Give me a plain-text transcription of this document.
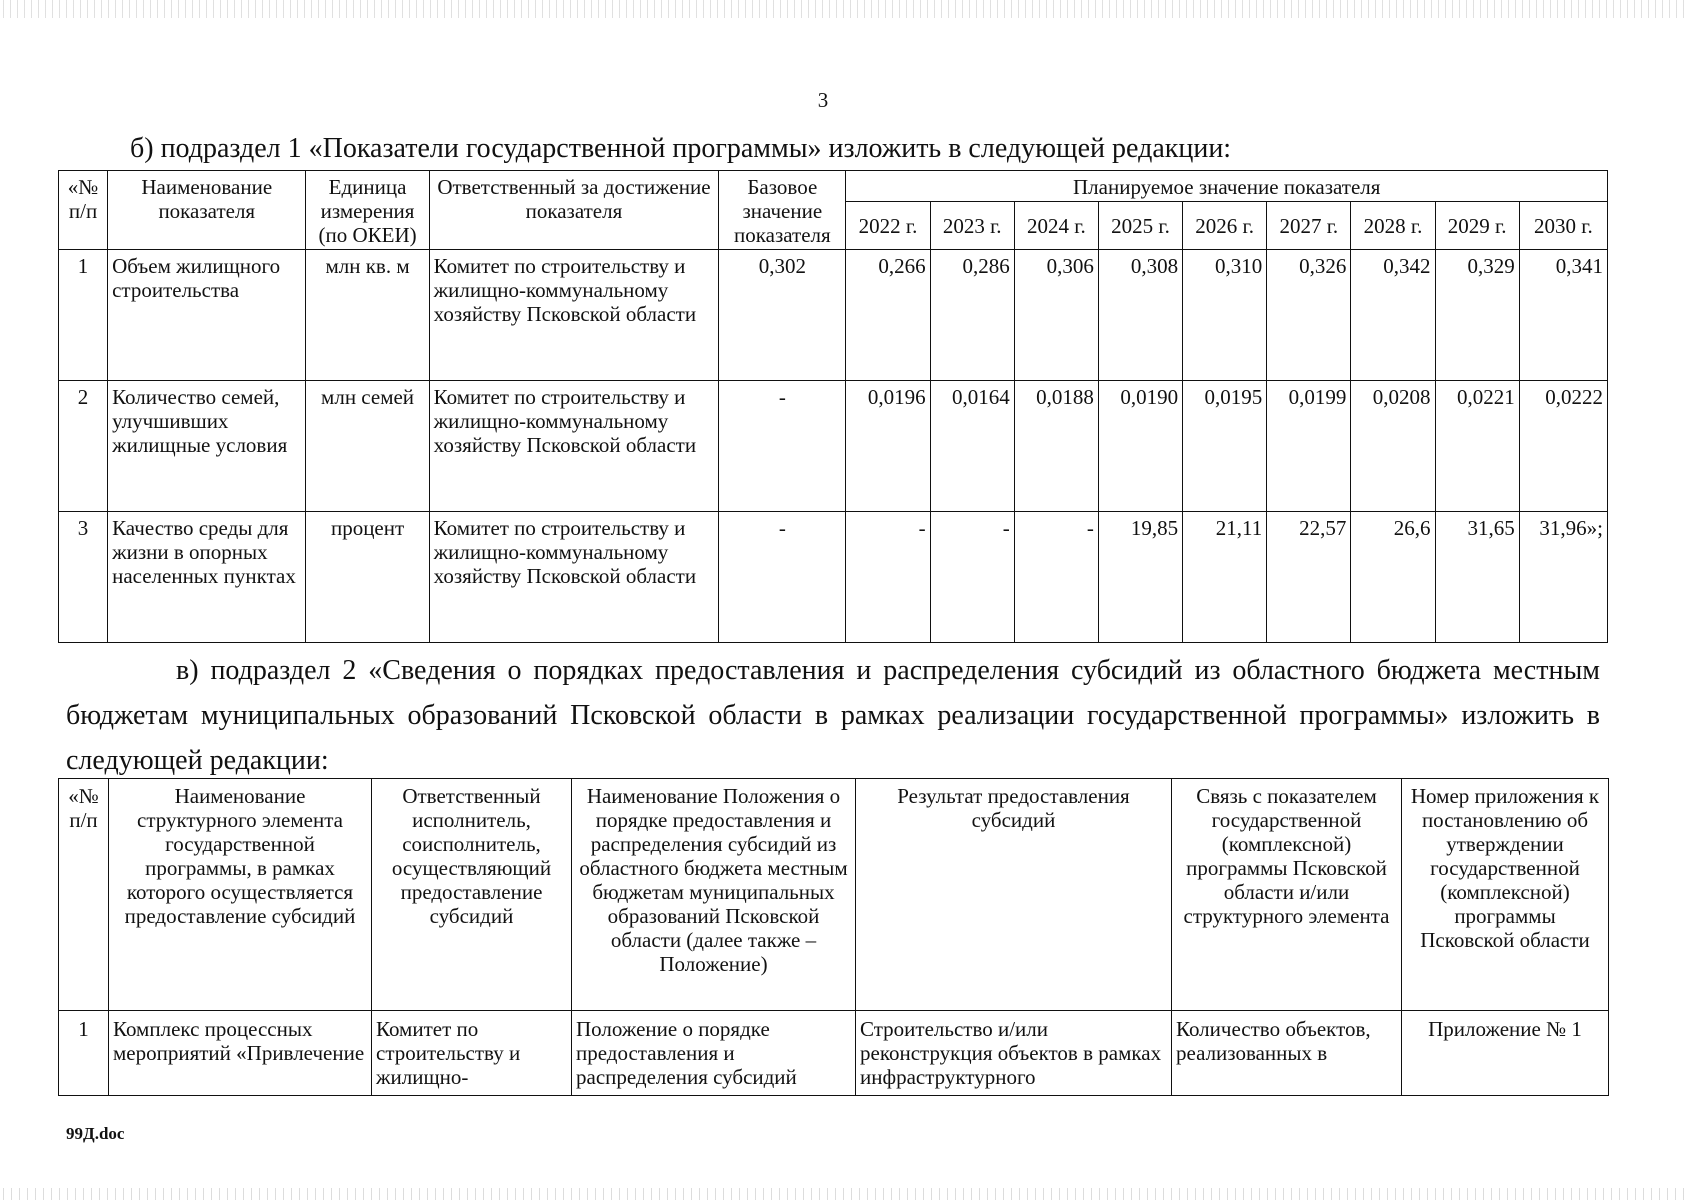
3
б) подраздел 1 «Показатели государственной программы» изложить в следующей редакции:
«№ п/п	Наименование показателя	Единица измерения (по ОКЕИ)	Ответственный за достижение показателя	Базовое значение показателя	Планируемое значение показателя								
					2022 г.	2023 г.	2024 г.	2025 г.	2026 г.	2027 г.	2028 г.	2029 г.	2030 г.
1	Объем жилищного строительства	млн кв. м	Комитет по строительству и жилищно-коммунальному хозяйству Псковской области	0,302	0,266	0,286	0,306	0,308	0,310	0,326	0,342	0,329	0,341
2	Количество семей, улучшивших жилищные условия	млн семей	Комитет по строительству и жилищно-коммунальному хозяйству Псковской области	-	0,0196	0,0164	0,0188	0,0190	0,0195	0,0199	0,0208	0,0221	0,0222
3	Качество среды для жизни в опорных населенных пунктах	процент	Комитет по строительству и жилищно-коммунальному хозяйству Псковской области	-	-	-	-	19,85	21,11	22,57	26,6	31,65	31,96»;
в) подраздел 2 «Сведения о порядках предоставления и распределения субсидий из областного бюджета местным бюджетам муниципальных образований Псковской области в рамках реализации государственной программы» изложить в следующей редакции:
«№ п/п	Наименование структурного элемента государственной программы, в рамках которого осуществляется предоставление субсидий	Ответственный исполнитель, соисполнитель, осуществляющий предоставление субсидий	Наименование Положения о порядке предоставления и распределения субсидий из областного бюджета местным бюджетам муниципальных образований Псковской области (далее также – Положение)	Результат предоставления субсидий	Связь с показателем государственной (комплексной) программы Псковской области и/или структурного элемента	Номер приложения к постановлению об утверждении государственной (комплексной) программы Псковской области
1	Комплекс процессных мероприятий «Привлечение	Комитет по строительству и жилищно-	Положение о порядке предоставления и распределения субсидий	Строительство и/или реконструкция объектов в рамках инфраструктурного	Количество объектов, реализованных в	Приложение № 1
99Д.doc
